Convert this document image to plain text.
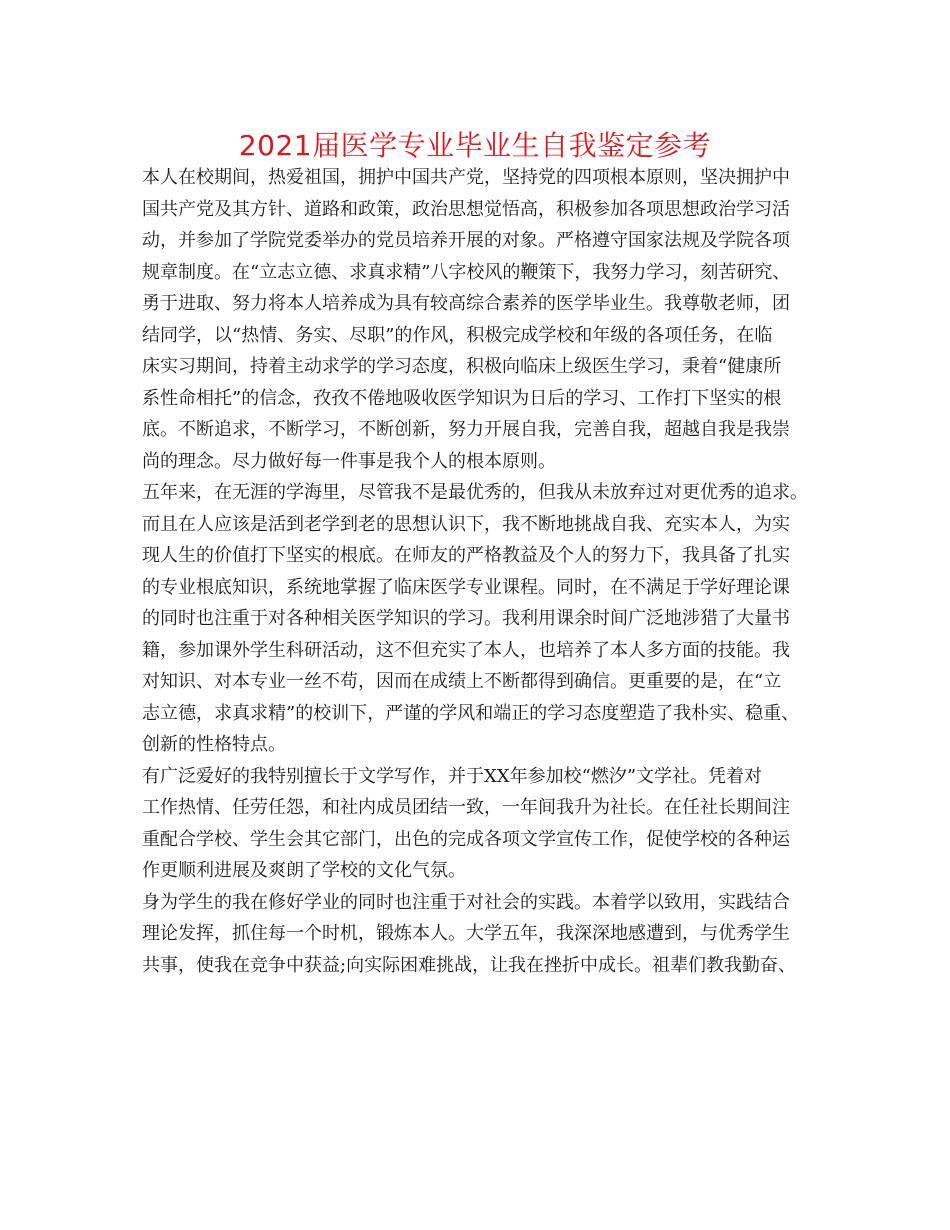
2021届医学专业毕业生自我鉴定参考

本人在校期间，热爱祖国，拥护中国共产党，坚持党的四项根本原则，坚决拥护中
国共产党及其方针、道路和政策，政治思想觉悟高，积极参加各项思想政治学习活
动，并参加了学院党委举办的党员培养开展的对象。严格遵守国家法规及学院各项
规章制度。在“立志立德、求真求精”八字校风的鞭策下，我努力学习，刻苦研究、
勇于进取、努力将本人培养成为具有较高综合素养的医学毕业生。我尊敬老师，团
结同学，以“热情、务实、尽职”的作风，积极完成学校和年级的各项任务，在临
床实习期间，持着主动求学的学习态度，积极向临床上级医生学习，秉着“健康所
系性命相托”的信念，孜孜不倦地吸收医学知识为日后的学习、工作打下坚实的根
底。不断追求，不断学习，不断创新，努力开展自我，完善自我，超越自我是我崇
尚的理念。尽力做好每一件事是我个人的根本原则。

五年来，在无涯的学海里，尽管我不是最优秀的，但我从未放弃过对更优秀的追求。
而且在人应该是活到老学到老的思想认识下，我不断地挑战自我、充实本人，为实
现人生的价值打下坚实的根底。在师友的严格教益及个人的努力下，我具备了扎实
的专业根底知识，系统地掌握了临床医学专业课程。同时，在不满足于学好理论课
的同时也注重于对各种相关医学知识的学习。我利用课余时间广泛地涉猎了大量书
籍，参加课外学生科研活动，这不但充实了本人，也培养了本人多方面的技能。我
对知识、对本专业一丝不苟，因而在成绩上不断都得到确信。更重要的是，在“立
志立德，求真求精”的校训下，严谨的学风和端正的学习态度塑造了我朴实、稳重、
创新的性格特点。

有广泛爱好的我特别擅长于文学写作，并于XX年参加校“燃汐”文学社。凭着对
工作热情、任劳任怨，和社内成员团结一致，一年间我升为社长。在任社长期间注
重配合学校、学生会其它部门，出色的完成各项文学宣传工作，促使学校的各种运
作更顺利进展及爽朗了学校的文化气氛。

身为学生的我在修好学业的同时也注重于对社会的实践。本着学以致用，实践结合
理论发挥，抓住每一个时机，锻炼本人。大学五年，我深深地感遭到，与优秀学生
共事，使我在竞争中获益;向实际困难挑战，让我在挫折中成长。祖辈们教我勤奋、
